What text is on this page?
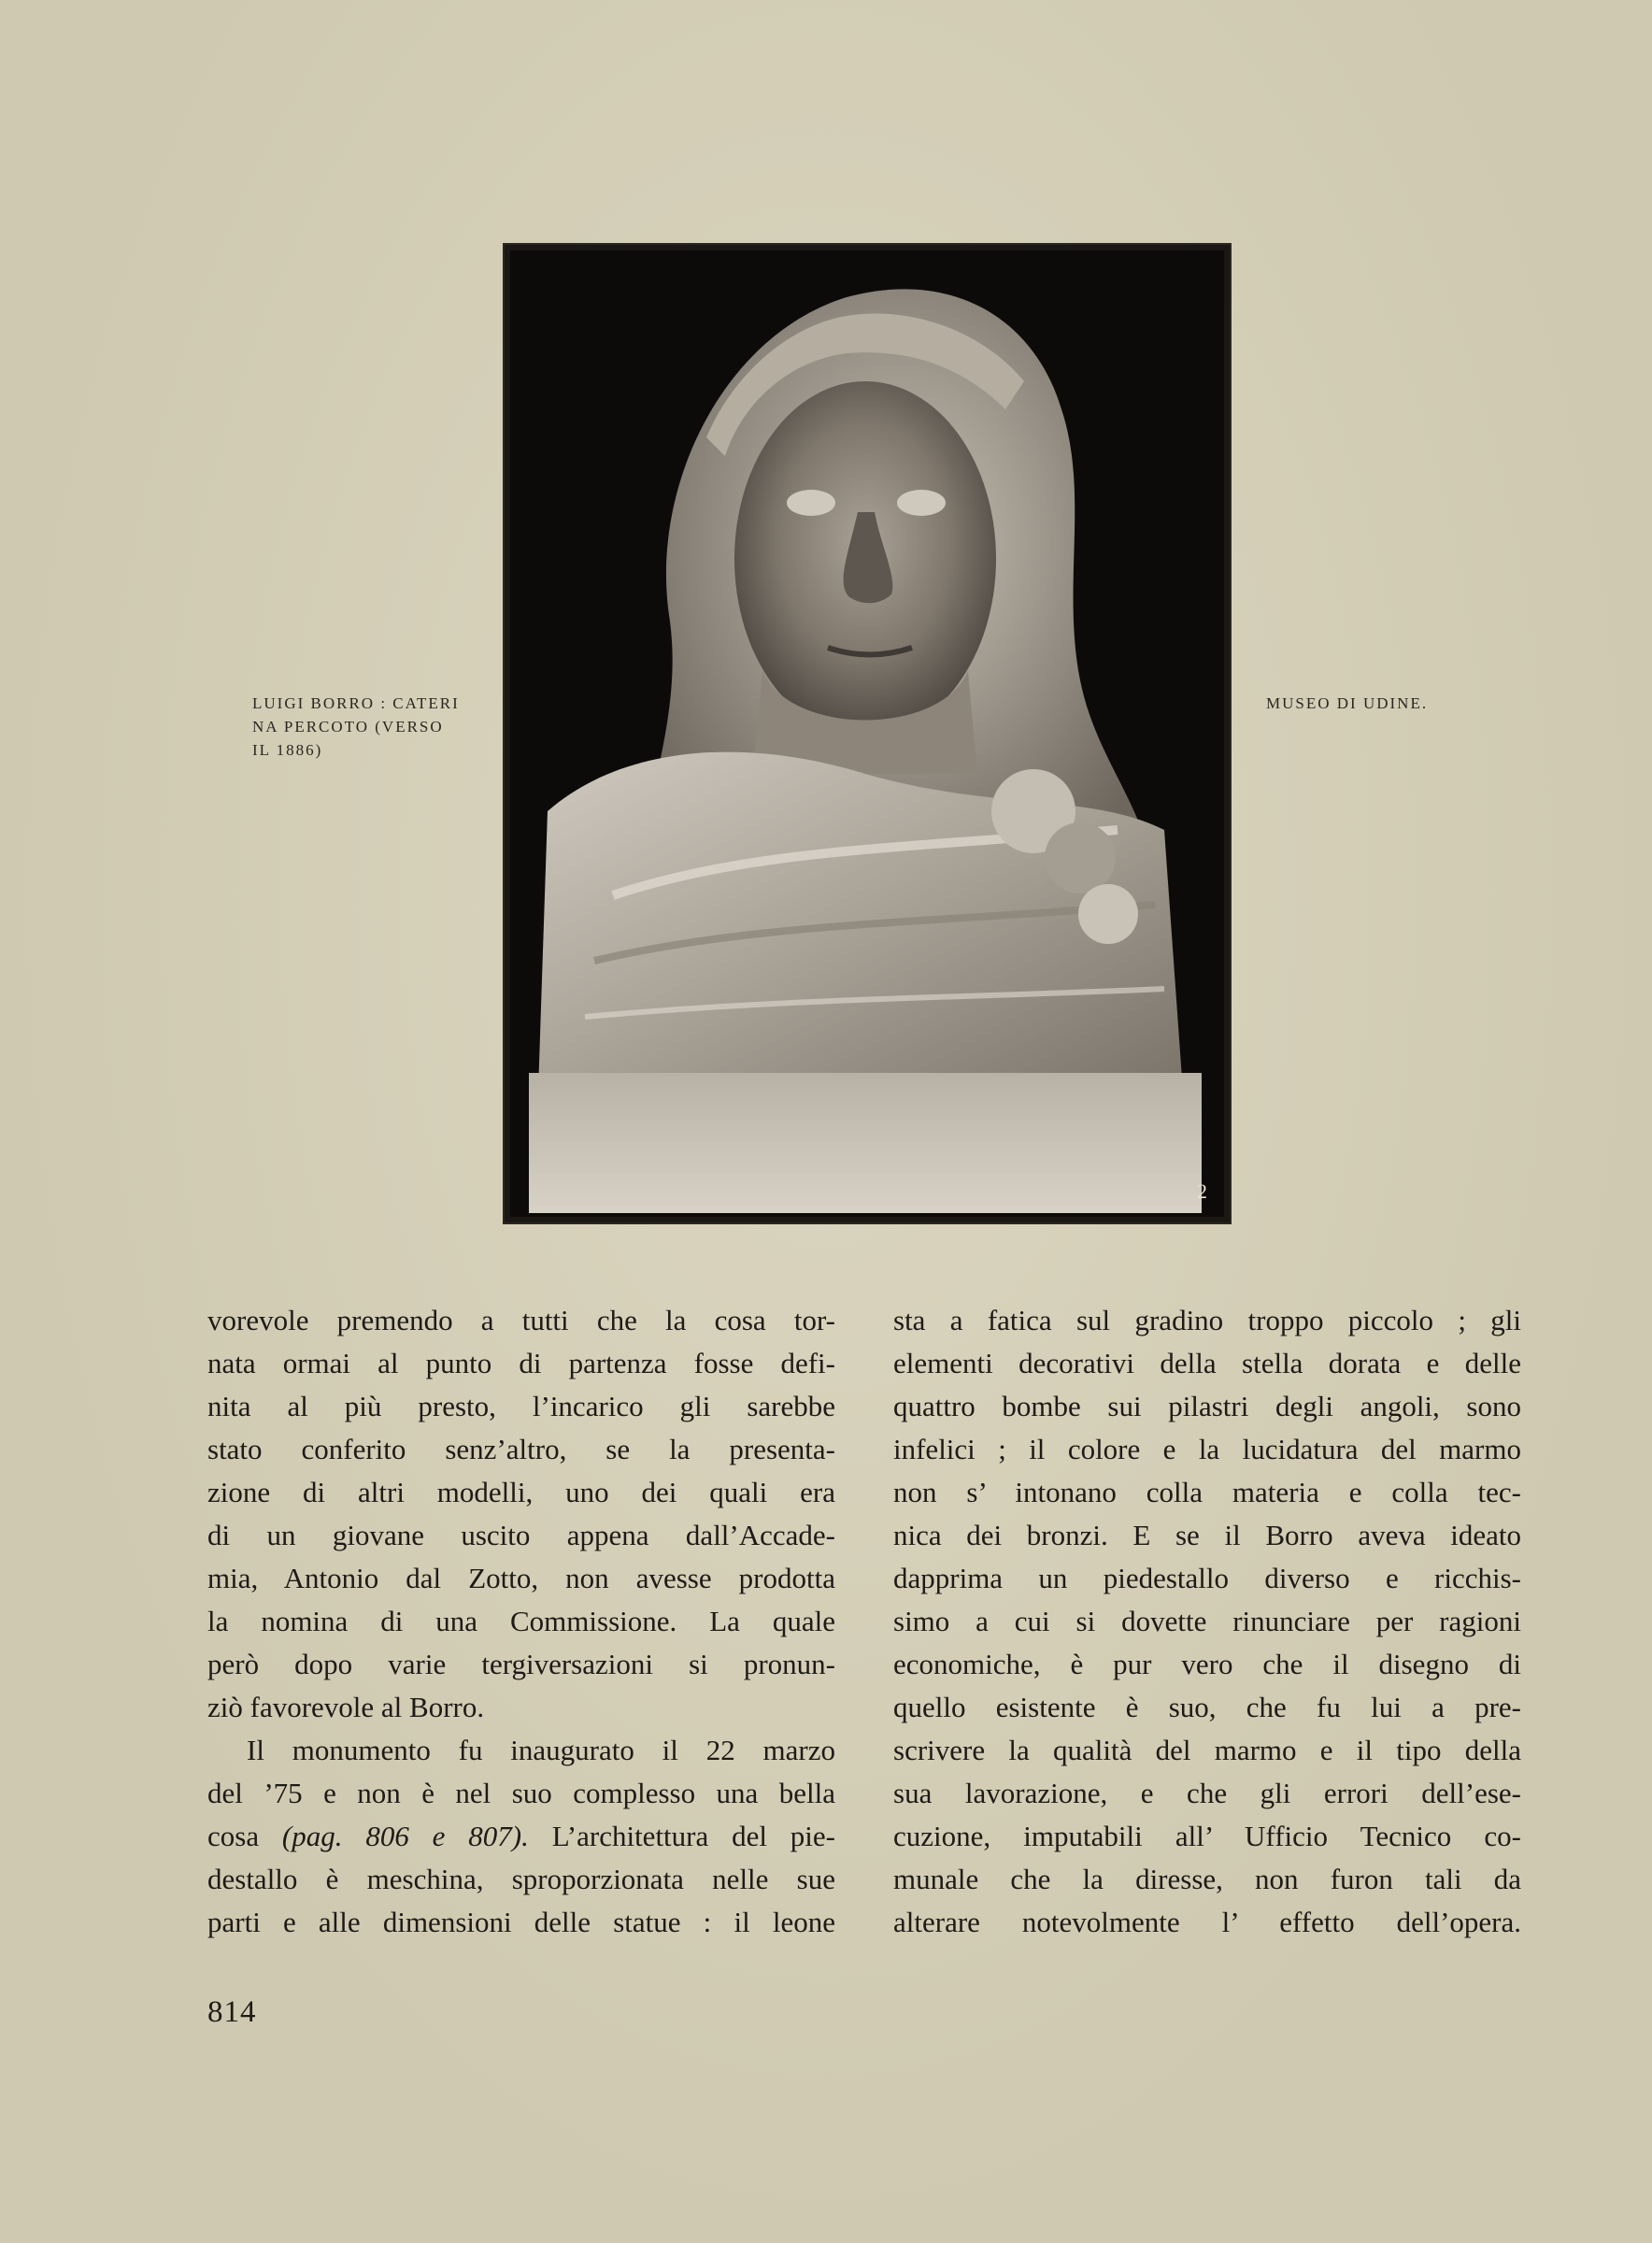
LUIGI BORRO : CATERI
NA PERCOTO (VERSO
IL 1886)
2
MUSEO DI UDINE.

vorevole premendo a tutti che la cosa tor-
nata ormai al punto di partenza fosse defi-
nita al più presto, l’incarico gli sarebbe
stato conferito senz’altro, se la presenta-
zione di altri modelli, uno dei quali era
di un giovane uscito appena dall’Accade-
mia, Antonio dal Zotto, non avesse prodotta
la nomina di una Commissione. La quale
però dopo varie tergiversazioni si pronun-
ziò favorevole al Borro.

Il monumento fu inaugurato il 22 marzo
del ’75 e non è nel suo complesso una bella
cosa (pag. 806 e 807). L’architettura del pie-
destallo è meschina, sproporzionata nelle sue
parti e alle dimensioni delle statue : il leone

sta a fatica sul gradino troppo piccolo ; gli
elementi decorativi della stella dorata e delle
quattro bombe sui pilastri degli angoli, sono
infelici ; il colore e la lucidatura del marmo
non s’ intonano colla materia e colla tec-
nica dei bronzi. E se il Borro aveva ideato
dapprima un piedestallo diverso e ricchis-
simo a cui si dovette rinunciare per ragioni
economiche, è pur vero che il disegno di
quello esistente è suo, che fu lui a pre-
scrivere la qualità del marmo e il tipo della
sua lavorazione, e che gli errori dell’ese-
cuzione, imputabili all’ Ufficio Tecnico co-
munale che la diresse, non furon tali da
alterare notevolmente l’ effetto dell’opera.

814
